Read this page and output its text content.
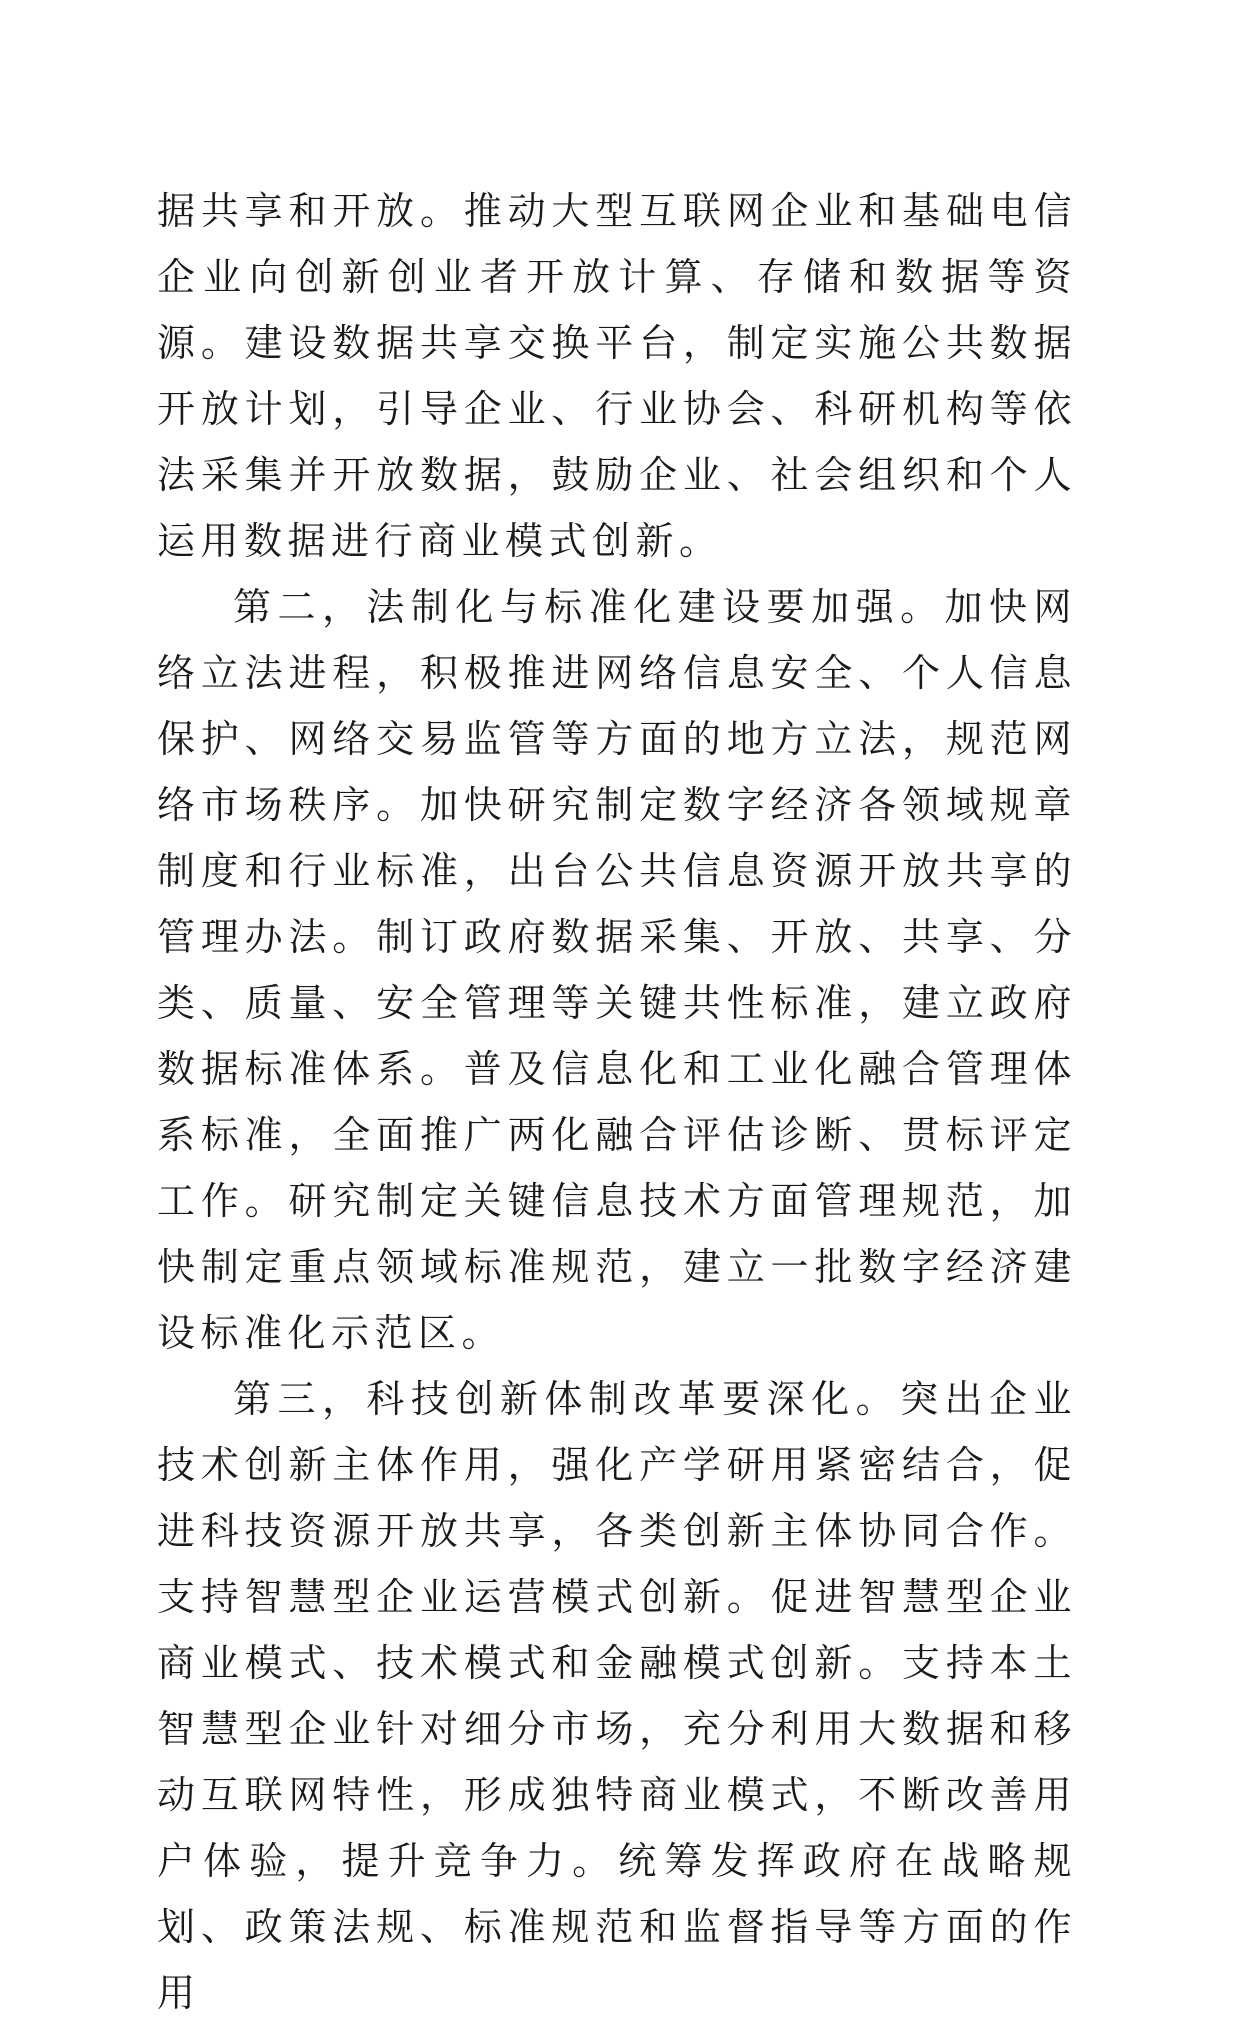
据共享和开放。推动大型互联网企业和基础电信企业向创新创业者开放计算、存储和数据等资源。建设数据共享交换平台，制定实施公共数据开放计划，引导企业、行业协会、科研机构等依法采集并开放数据，鼓励企业、社会组织和个人运用数据进行商业模式创新。

第二，法制化与标准化建设要加强。加快网络立法进程，积极推进网络信息安全、个人信息保护、网络交易监管等方面的地方立法，规范网络市场秩序。加快研究制定数字经济各领域规章制度和行业标准，出台公共信息资源开放共享的管理办法。制订政府数据采集、开放、共享、分类、质量、安全管理等关键共性标准，建立政府数据标准体系。普及信息化和工业化融合管理体系标准，全面推广两化融合评估诊断、贯标评定工作。研究制定关键信息技术方面管理规范，加快制定重点领域标准规范，建立一批数字经济建设标准化示范区。

第三，科技创新体制改革要深化。突出企业技术创新主体作用，强化产学研用紧密结合，促进科技资源开放共享，各类创新主体协同合作。支持智慧型企业运营模式创新。促进智慧型企业商业模式、技术模式和金融模式创新。支持本土智慧型企业针对细分市场，充分利用大数据和移动互联网特性，形成独特商业模式，不断改善用户体验，提升竞争力。统筹发挥政府在战略规划、政策法规、标准规范和监督指导等方面的作用
